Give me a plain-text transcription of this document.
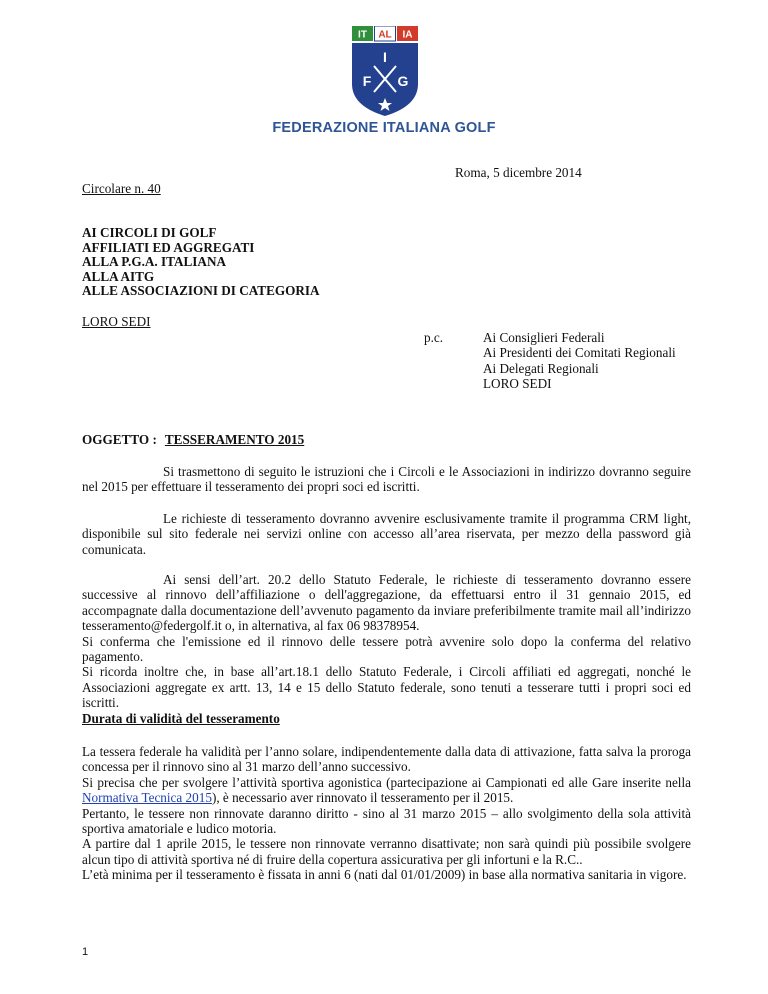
IT AL IA
I
F G
FEDERAZIONE ITALIANA GOLF
Roma, 5 dicembre 2014
Circolare n. 40
AI CIRCOLI DI GOLF
AFFILIATI ED AGGREGATI
ALLA P.G.A. ITALIANA
ALLA AITG
ALLE ASSOCIAZIONI DI CATEGORIA
LORO SEDI
p.c.	Ai Consiglieri Federali
Ai Presidenti dei Comitati Regionali
Ai Delegati Regionali
LORO SEDI
OGGETTO : TESSERAMENTO 2015
Si trasmettono di seguito le istruzioni che i Circoli e le Associazioni in indirizzo dovranno seguire nel 2015 per effettuare il tesseramento dei propri soci ed iscritti.
Le richieste di tesseramento dovranno avvenire esclusivamente tramite il programma CRM light, disponibile sul sito federale nei servizi online con accesso all’area riservata, per mezzo della password già comunicata.
Ai sensi dell’art. 20.2 dello Statuto Federale, le richieste di tesseramento dovranno essere successive al rinnovo dell’affiliazione o dell'aggregazione, da effettuarsi entro il 31 gennaio 2015, ed accompagnate dalla documentazione dell’avvenuto pagamento da inviare preferibilmente tramite mail all’indirizzo tesseramento@federgolf.it o, in alternativa, al fax 06 98378954.
Si conferma che l'emissione ed il rinnovo delle tessere potrà avvenire solo dopo la conferma del relativo pagamento.
Si ricorda inoltre che, in base all’art.18.1 dello Statuto Federale, i Circoli affiliati ed aggregati, nonché le Associazioni aggregate ex artt. 13, 14 e 15 dello Statuto federale, sono tenuti a tesserare tutti i propri soci ed iscritti.
Durata di validità del tesseramento
La tessera federale ha validità per l’anno solare, indipendentemente dalla data di attivazione, fatta salva la proroga concessa per il rinnovo sino al 31 marzo dell’anno successivo.
Si precisa che per svolgere l’attività sportiva agonistica (partecipazione ai Campionati ed alle Gare inserite nella Normativa Tecnica 2015), è necessario aver rinnovato il tesseramento per il 2015.
Pertanto, le tessere non rinnovate daranno diritto - sino al 31 marzo 2015 – allo svolgimento della sola attività sportiva amatoriale e ludico motoria.
A partire dal 1 aprile 2015, le tessere non rinnovate verranno disattivate; non sarà quindi più possibile svolgere alcun tipo di attività sportiva né di fruire della copertura assicurativa per gli infortuni e la R.C..
L’età minima per il tesseramento è fissata in anni 6 (nati dal 01/01/2009) in base alla normativa sanitaria in vigore.
1
